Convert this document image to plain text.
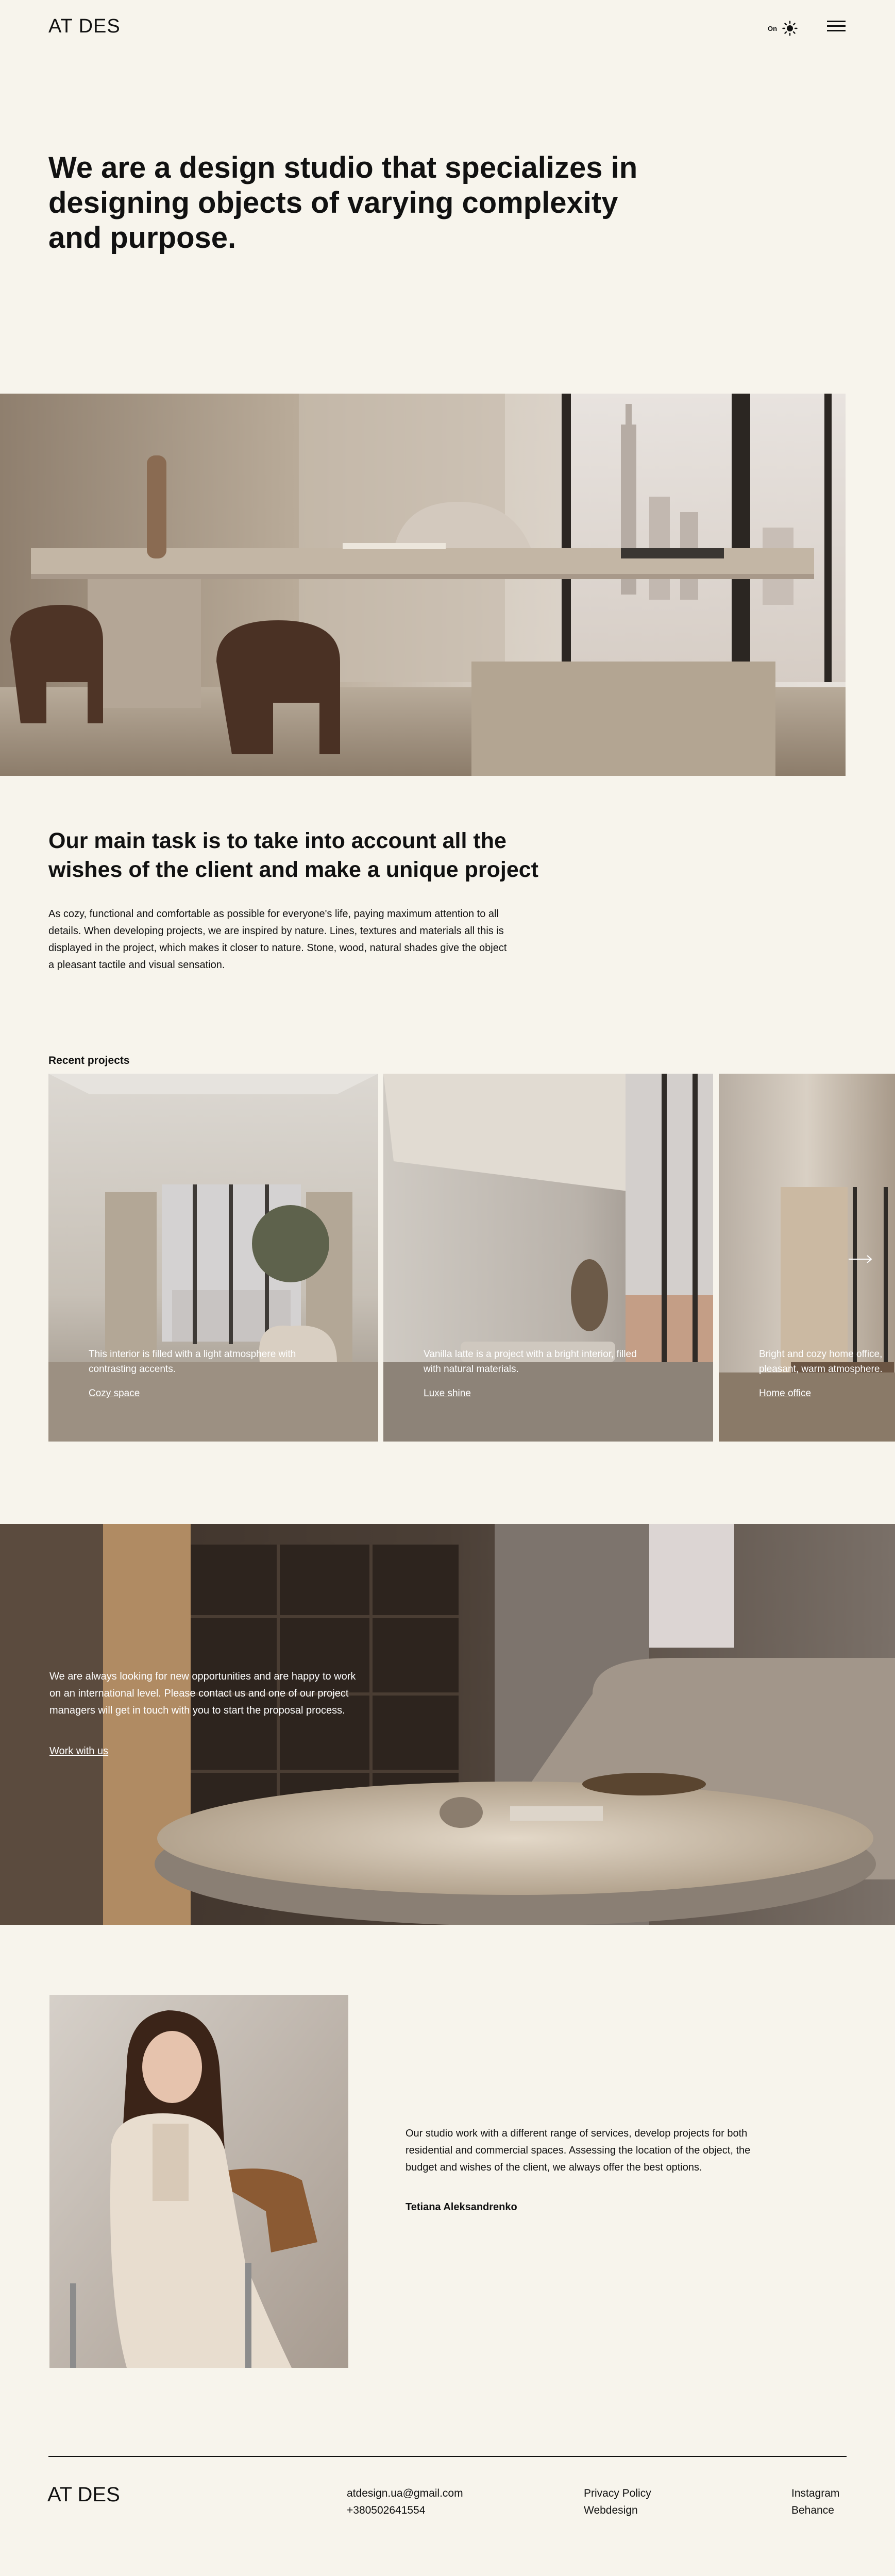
AT DES	On
We are a design studio that specializes in designing objects of varying complexity and purpose.
Our main task is to take into account all the wishes of the client and make a unique project

As cozy, functional and comfortable as possible for everyone's life, paying maximum attention to all details. When developing projects, we are inspired by nature. Lines, textures and materials all this is displayed in the project, which makes it closer to nature. Stone, wood, natural shades give the object a pleasant tactile and visual sensation.

Recent projects
This interior is filled with a light atmosphere with contrasting accents.
Cozy space
Vanilla latte is a project with a bright interior, filled with natural materials.
Luxe shine
Bright and cozy home office, pleasant, warm atmosphere.
Home office
We are always looking for new opportunities and are happy to work on an international level. Please contact us and one of our project managers will get in touch with you to start the proposal process.
Work with us

Our studio work with a different range of services, develop projects for both residential and commercial spaces. Assessing the location of the object, the budget and wishes of the client, we always offer the best options.

Tetiana Aleksandrenko
AT DES	atdesign.ua@gmail.com
+380502641554
Privacy Policy
Webdesign
Instagram
Behance
